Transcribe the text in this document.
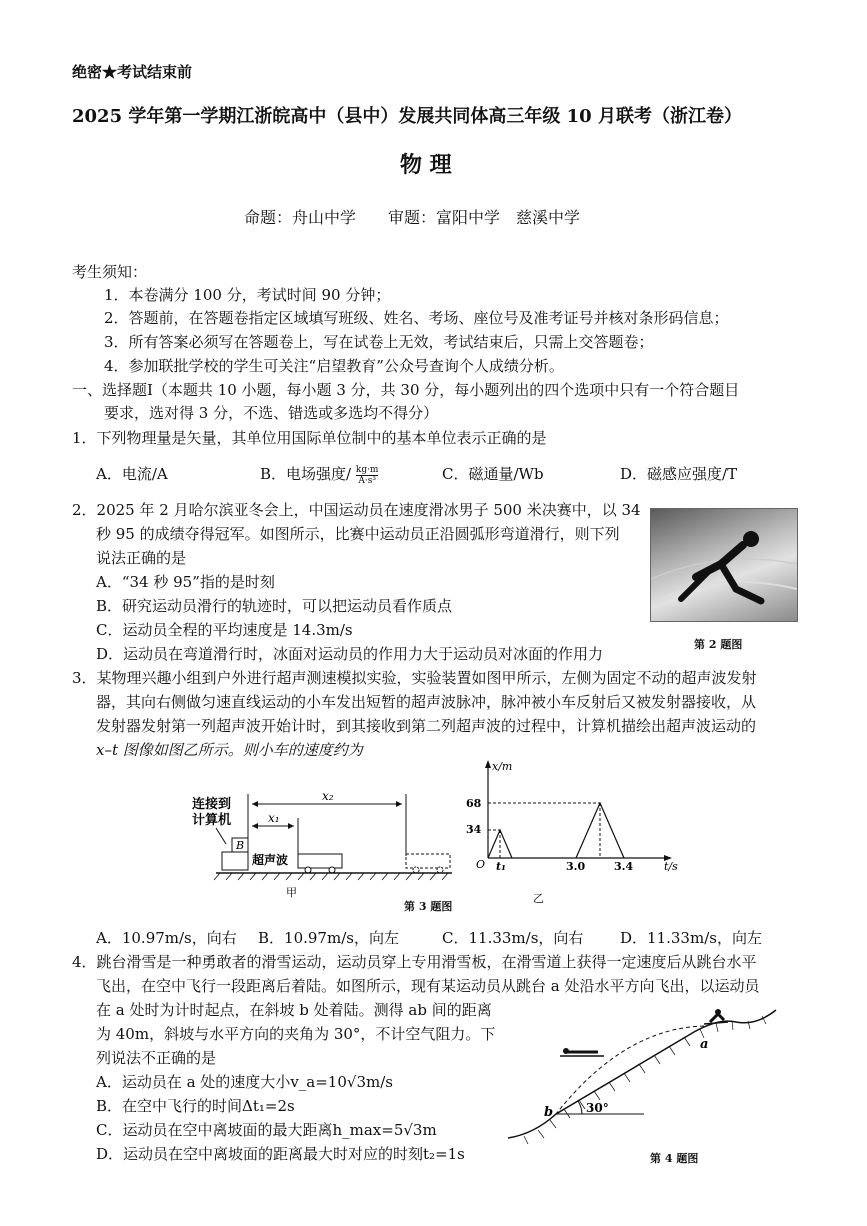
绝密★考试结束前
2025 学年第一学期江浙皖高中（县中）发展共同体高三年级 10 月联考（浙江卷）
物 理
命题：舟山中学　　审题：富阳中学　慈溪中学
考生须知：
1．本卷满分 100 分，考试时间 90 分钟；
2．答题前，在答题卷指定区域填写班级、姓名、考场、座位号及准考证号并核对条形码信息；
3．所有答案必须写在答题卷上，写在试卷上无效，考试结束后，只需上交答题卷；
4．参加联批学校的学生可关注“启望教育”公众号查询个人成绩分析。
一、选择题Ⅰ（本题共 10 小题，每小题 3 分，共 30 分，每小题列出的四个选项中只有一个符合题目
要求，选对得 3 分，不选、错选或多选均不得分）
1．下列物理量是矢量，其单位用国际单位制中的基本单位表示正确的是
A．电流/A	B．电场强度/ $\frac{kg\cdot m}{\text{A·s³}}$	C．磁通量/Wb	D．磁感应强度/T
2．2025 年 2 月哈尔滨亚冬会上，中国运动员在速度滑冰男子 500 米决赛中，以 34
秒 95 的成绩夺得冠军。如图所示，比赛中运动员正沿圆弧形弯道滑行，则下列
说法正确的是
A．“34 秒 95”指的是时刻
B．研究运动员滑行的轨迹时，可以把运动员看作质点
C．运动员全程的平均速度是 14.3m/s
D．运动员在弯道滑行时，冰面对运动员的作用力大于运动员对冰面的作用力
第 2 题图
3．某物理兴趣小组到户外进行超声测速模拟实验，实验装置如图甲所示，左侧为固定不动的超声波发射
器，其向右侧做匀速直线运动的小车发出短暂的超声波脉冲，脉冲被小车反射后又被发射器接收，从
发射器发射第一列超声波开始计时，到其接收到第二列超声波的过程中，计算机描绘出超声波运动的
x–t 图像如图乙所示。则小车的速度约为
连接到
计算机
x₂
x₁
B
超声波
甲
x/m
68
34
O t₁	3.0	3.4	t/s
乙
第 3 题图
A．10.97m/s，向右 B．10.97m/s，向左	C．11.33m/s，向右 D．11.33m/s，向左
4．跳台滑雪是一种勇敢者的滑雪运动，运动员穿上专用滑雪板，在滑雪道上获得一定速度后从跳台水平
飞出，在空中飞行一段距离后着陆。如图所示，现有某运动员从跳台 a 处沿水平方向飞出，以运动员
在 a 处时为计时起点，在斜坡 b 处着陆。测得 ab 间的距离
为 40m，斜坡与水平方向的夹角为 30°，不计空气阻力。下
列说法不正确的是
A．运动员在 a 处的速度大小v_a=10√3m/s
B．在空中飞行的时间Δt₁=2s
C．运动员在空中离坡面的最大距离h_max=5√3m
D．运动员在空中离坡面的距离最大时对应的时刻t₂=1s
30°
b
a
第 4 题图
